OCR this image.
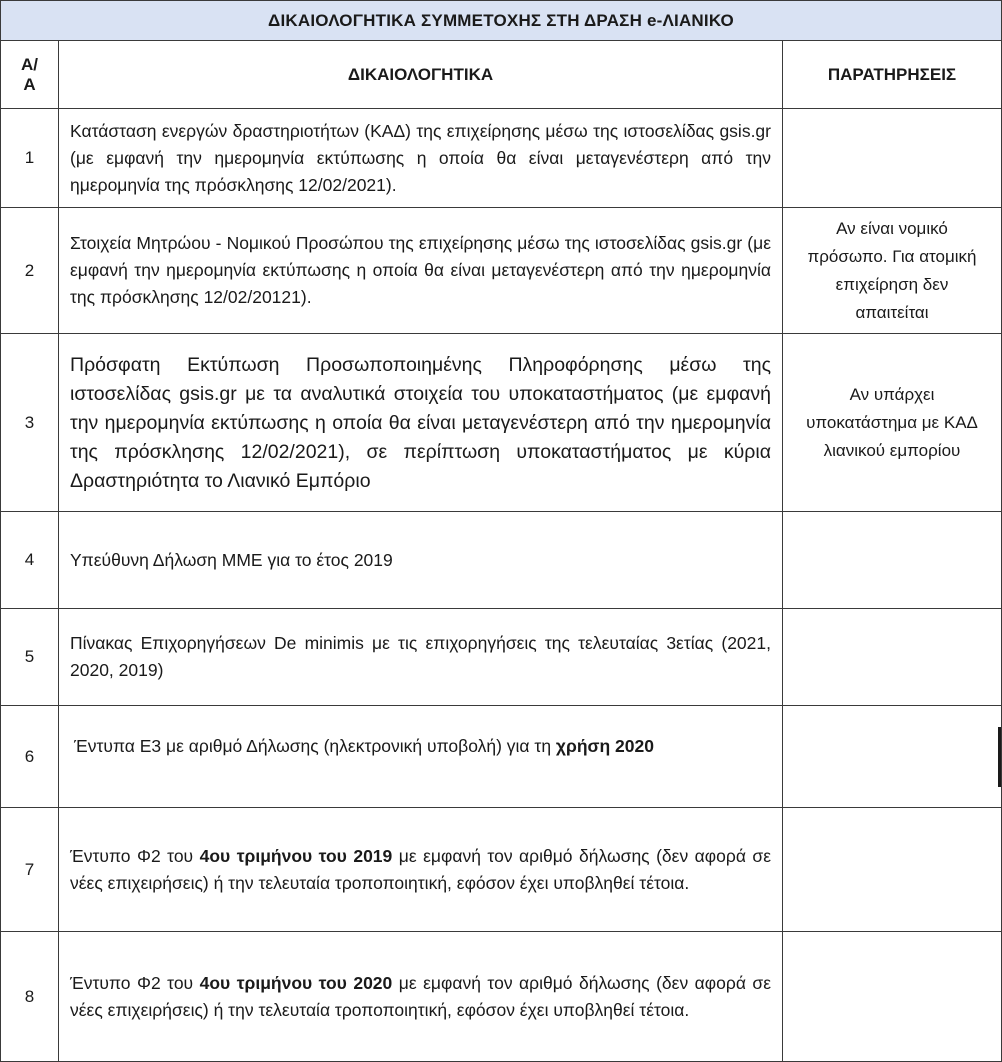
ΔΙΚΑΙΟΛΟΓΗΤΙΚΑ ΣΥΜΜΕΤΟΧΗΣ ΣΤΗ ΔΡΑΣΗ e-ΛΙΑΝΙΚΟ		
Α/
Α	ΔΙΚΑΙΟΛΟΓΗΤΙΚΑ	ΠΑΡΑΤΗΡΗΣΕΙΣ
1	Κατάσταση ενεργών δραστηριοτήτων (ΚΑΔ) της επιχείρησης μέσω της ιστοσελίδας gsis.gr (με εμφανή την ημερομηνία εκτύπωσης η οποία θα είναι μεταγενέστερη από την ημερομηνία της πρόσκλησης 12/02/2021).	
2	Στοιχεία Μητρώου - Νομικού Προσώπου της επιχείρησης μέσω της ιστοσελίδας gsis.gr (με εμφανή την ημερομηνία εκτύπωσης η οποία θα είναι μεταγενέστερη από την ημερομηνία της πρόσκλησης 12/02/20121).	Αν είναι νομικό πρόσωπο. Για ατομική επιχείρηση δεν απαιτείται
3	Πρόσφατη Εκτύπωση Προσωποποιημένης Πληροφόρησης μέσω της ιστοσελίδας gsis.gr με τα αναλυτικά στοιχεία του υποκαταστήματος (με εμφανή την ημερομηνία εκτύπωσης η οποία θα είναι μεταγενέστερη από την ημερομηνία της πρόσκλησης 12/02/2021), σε περίπτωση υποκαταστήματος με κύρια Δραστηριότητα το Λιανικό Εμπόριο	Αν υπάρχει υποκατάστημα με ΚΑΔ λιανικού εμπορίου
4	Υπεύθυνη Δήλωση ΜΜΕ για το έτος 2019	
5	Πίνακας Επιχορηγήσεων De minimis με τις επιχορηγήσεις της τελευταίας 3ετίας (2021, 2020, 2019)	
6	Έντυπα Ε3 με αριθμό Δήλωσης (ηλεκτρονική υποβολή) για τη χρήση 2020	
7	Έντυπο Φ2 του 4ου τριμήνου του 2019 με εμφανή τον αριθμό δήλωσης (δεν αφορά σε νέες επιχειρήσεις) ή την τελευταία τροποποιητική, εφόσον έχει υποβληθεί τέτοια.	
8	Έντυπο Φ2 του 4ου τριμήνου του 2020 με εμφανή τον αριθμό δήλωσης (δεν αφορά σε νέες επιχειρήσεις) ή την τελευταία τροποποιητική, εφόσον έχει υποβληθεί τέτοια.	
